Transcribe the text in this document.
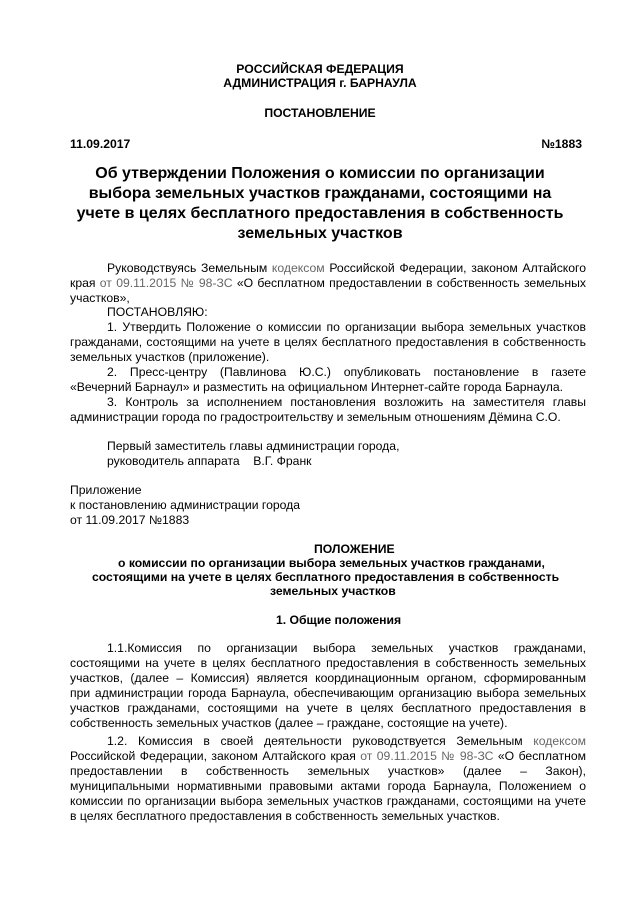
РОССИЙСКАЯ ФЕДЕРАЦИЯ
АДМИНИСТРАЦИЯ г. БАРНАУЛА
ПОСТАНОВЛЕНИЕ
11.09.2017	№1883
Об утверждении Положения о комиссии по организации
выбора земельных участков гражданами, состоящими на
учете в целях бесплатного предоставления в собственность
земельных участков
Руководствуясь Земельным кодексом Российской Федерации, законом Алтайского
края от 09.11.2015 № 98-ЗС «О бесплатном предоставлении в собственность земельных
участков»,
ПОСТАНОВЛЯЮ:
1. Утвердить Положение о комиссии по организации выбора земельных участков
гражданами, состоящими на учете в целях бесплатного предоставления в собственность
земельных участков (приложение).
2. Пресс-центру (Павлинова Ю.С.) опубликовать постановление в газете
«Вечерний Барнаул» и разместить на официальном Интернет-сайте города Барнаула.
3. Контроль за исполнением постановления возложить на заместителя главы
администрации города по градостроительству и земельным отношениям Дёмина С.О.
Первый заместитель главы администрации города,
руководитель аппарата    В.Г. Франк
Приложение
к постановлению администрации города
от 11.09.2017 №1883
ПОЛОЖЕНИЕ
о комиссии по организации выбора земельных участков гражданами,
состоящими на учете в целях бесплатного предоставления в собственность
земельных участков
1. Общие положения
1.1.Комиссия по организации выбора земельных участков гражданами,
состоящими на учете в целях бесплатного предоставления в собственность земельных
участков, (далее – Комиссия) является координационным органом, сформированным
при администрации города Барнаула, обеспечивающим организацию выбора земельных
участков гражданами, состоящими на учете в целях бесплатного предоставления в
собственность земельных участков (далее – граждане, состоящие на учете).
1.2. Комиссия в своей деятельности руководствуется Земельным кодексом
Российской Федерации, законом Алтайского края от 09.11.2015 № 98-ЗС «О бесплатном
предоставлении в собственность земельных участков» (далее – Закон),
муниципальными нормативными правовыми актами города Барнаула, Положением о
комиссии по организации выбора земельных участков гражданами, состоящими на учете
в целях бесплатного предоставления в собственность земельных участков.
